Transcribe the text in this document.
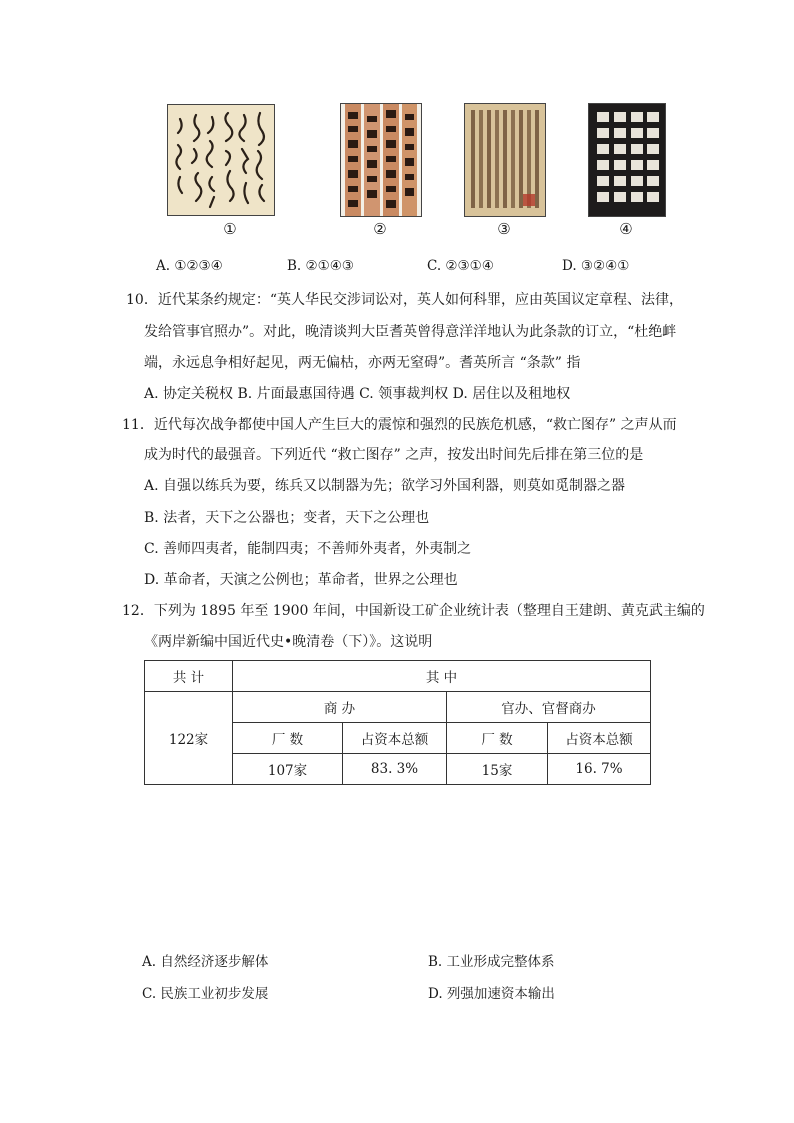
①	②	③	④
A. ①②③④	B. ②①④③	C. ②③①④	D. ③②④①
10．近代某条约规定：“英人华民交涉词讼对，英人如何科罪，应由英国议定章程、法律，
发给管事官照办”。对此，晚清谈判大臣耆英曾得意洋洋地认为此条款的订立，“杜绝衅
端，永远息争相好起见，两无偏枯，亦两无窒碍”。耆英所言 “条款” 指
A. 协定关税权 B. 片面最惠国待遇 C. 领事裁判权 D. 居住以及租地权
11．近代每次战争都使中国人产生巨大的震惊和强烈的民族危机感，“救亡图存” 之声从而
成为时代的最强音。下列近代 “救亡图存” 之声，按发出时间先后排在第三位的是
A. 自强以练兵为要，练兵又以制器为先；欲学习外国利器，则莫如觅制器之器
B. 法者，天下之公器也；变者，天下之公理也
C. 善师四夷者，能制四夷；不善师外夷者，外夷制之
D. 革命者，天演之公例也；革命者，世界之公理也
12．下列为 1895 年至 1900 年间，中国新设工矿企业统计表（整理自王建朗、黄克武主编的
《两岸新编中国近代史•晚清卷（下）》。这说明
共 计	其 中			
122家	商 办		官办、官督商办	
	厂 数	占资本总额	厂 数	占资本总额
	107家	83. 3%	15家	16. 7%
A. 自然经济逐步解体	B. 工业形成完整体系
C. 民族工业初步发展	D. 列强加速资本输出
